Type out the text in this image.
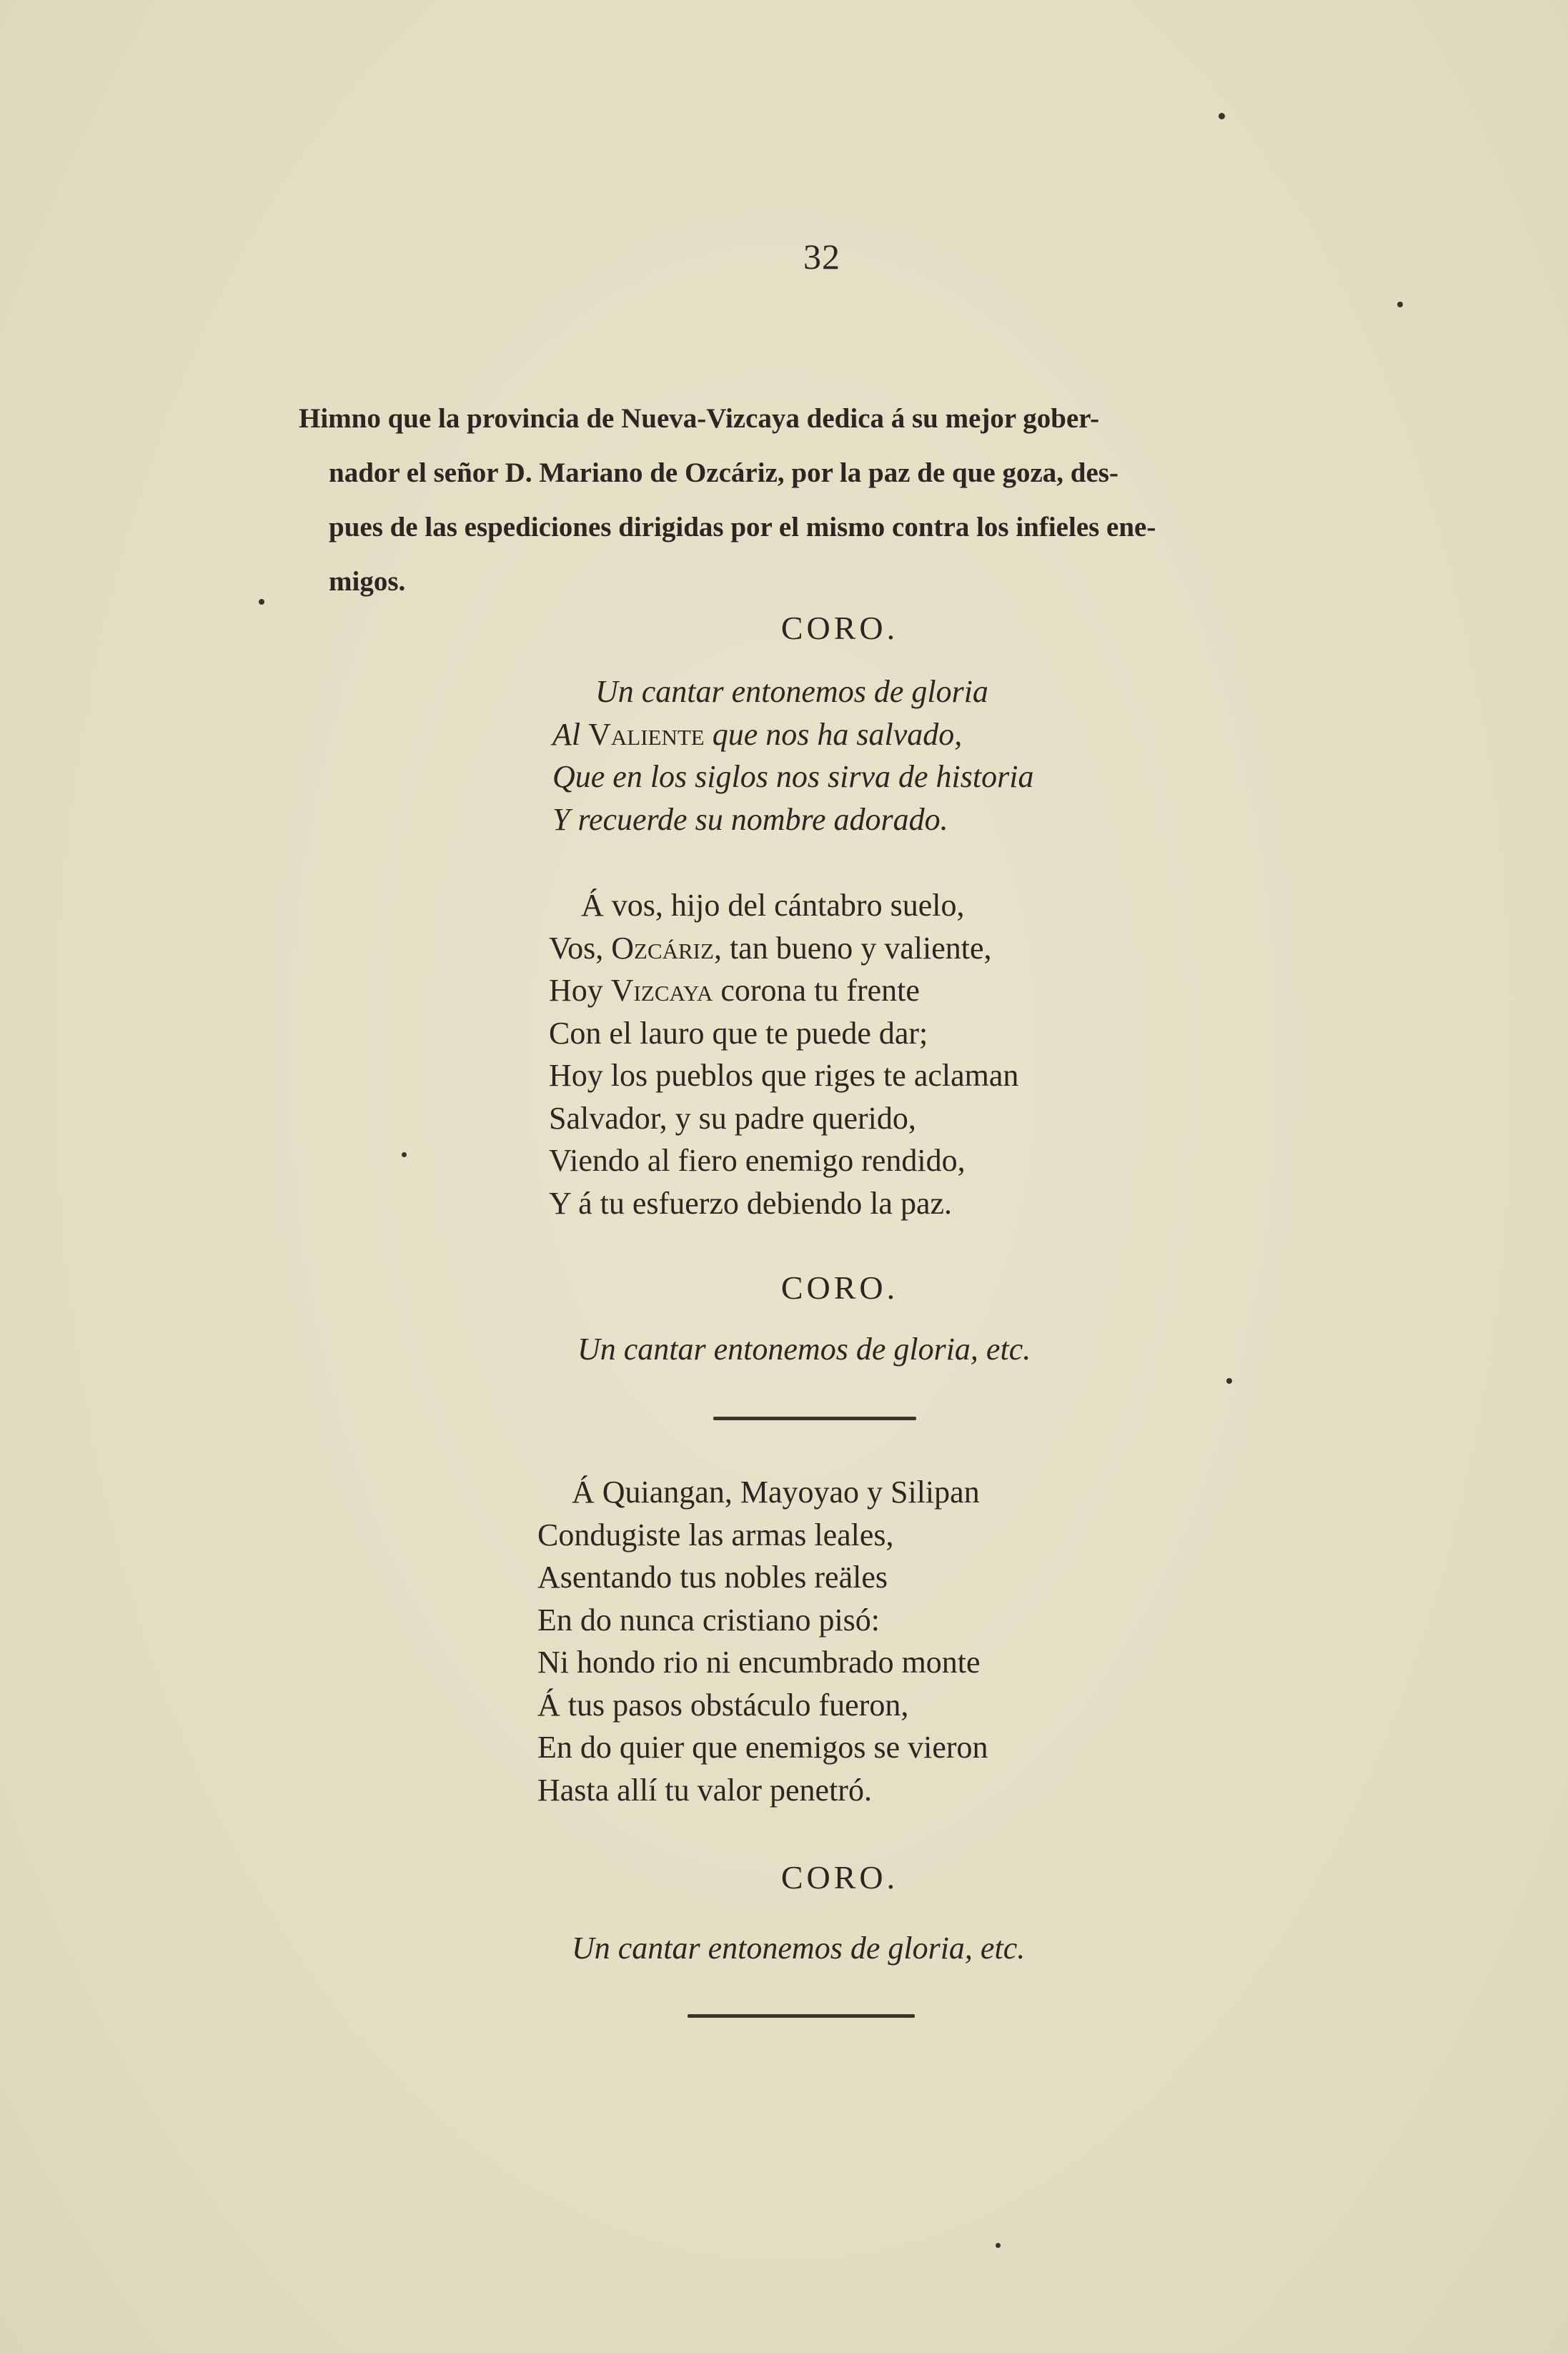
32
Himno que la provincia de Nueva-Vizcaya dedica á su mejor gober-
nador el señor D. Mariano de Ozcáriz, por la paz de que goza, des-
pues de las espediciones dirigidas por el mismo contra los infieles ene-
migos.
CORO.
Un cantar entonemos de gloria
Al Valiente que nos ha salvado,
Que en los siglos nos sirva de historia
Y recuerde su nombre adorado.
Á vos, hijo del cántabro suelo,
Vos, Ozcáriz, tan bueno y valiente,
Hoy Vizcaya corona tu frente
Con el lauro que te puede dar;
Hoy los pueblos que riges te aclaman
Salvador, y su padre querido,
Viendo al fiero enemigo rendido,
Y á tu esfuerzo debiendo la paz.
CORO.
Un cantar entonemos de gloria, etc.
Á Quiangan, Mayoyao y Silipan
Condugiste las armas leales,
Asentando tus nobles reäles
En do nunca cristiano pisó:
Ni hondo rio ni encumbrado monte
Á tus pasos obstáculo fueron,
En do quier que enemigos se vieron
Hasta allí tu valor penetró.
CORO.
Un cantar entonemos de gloria, etc.
